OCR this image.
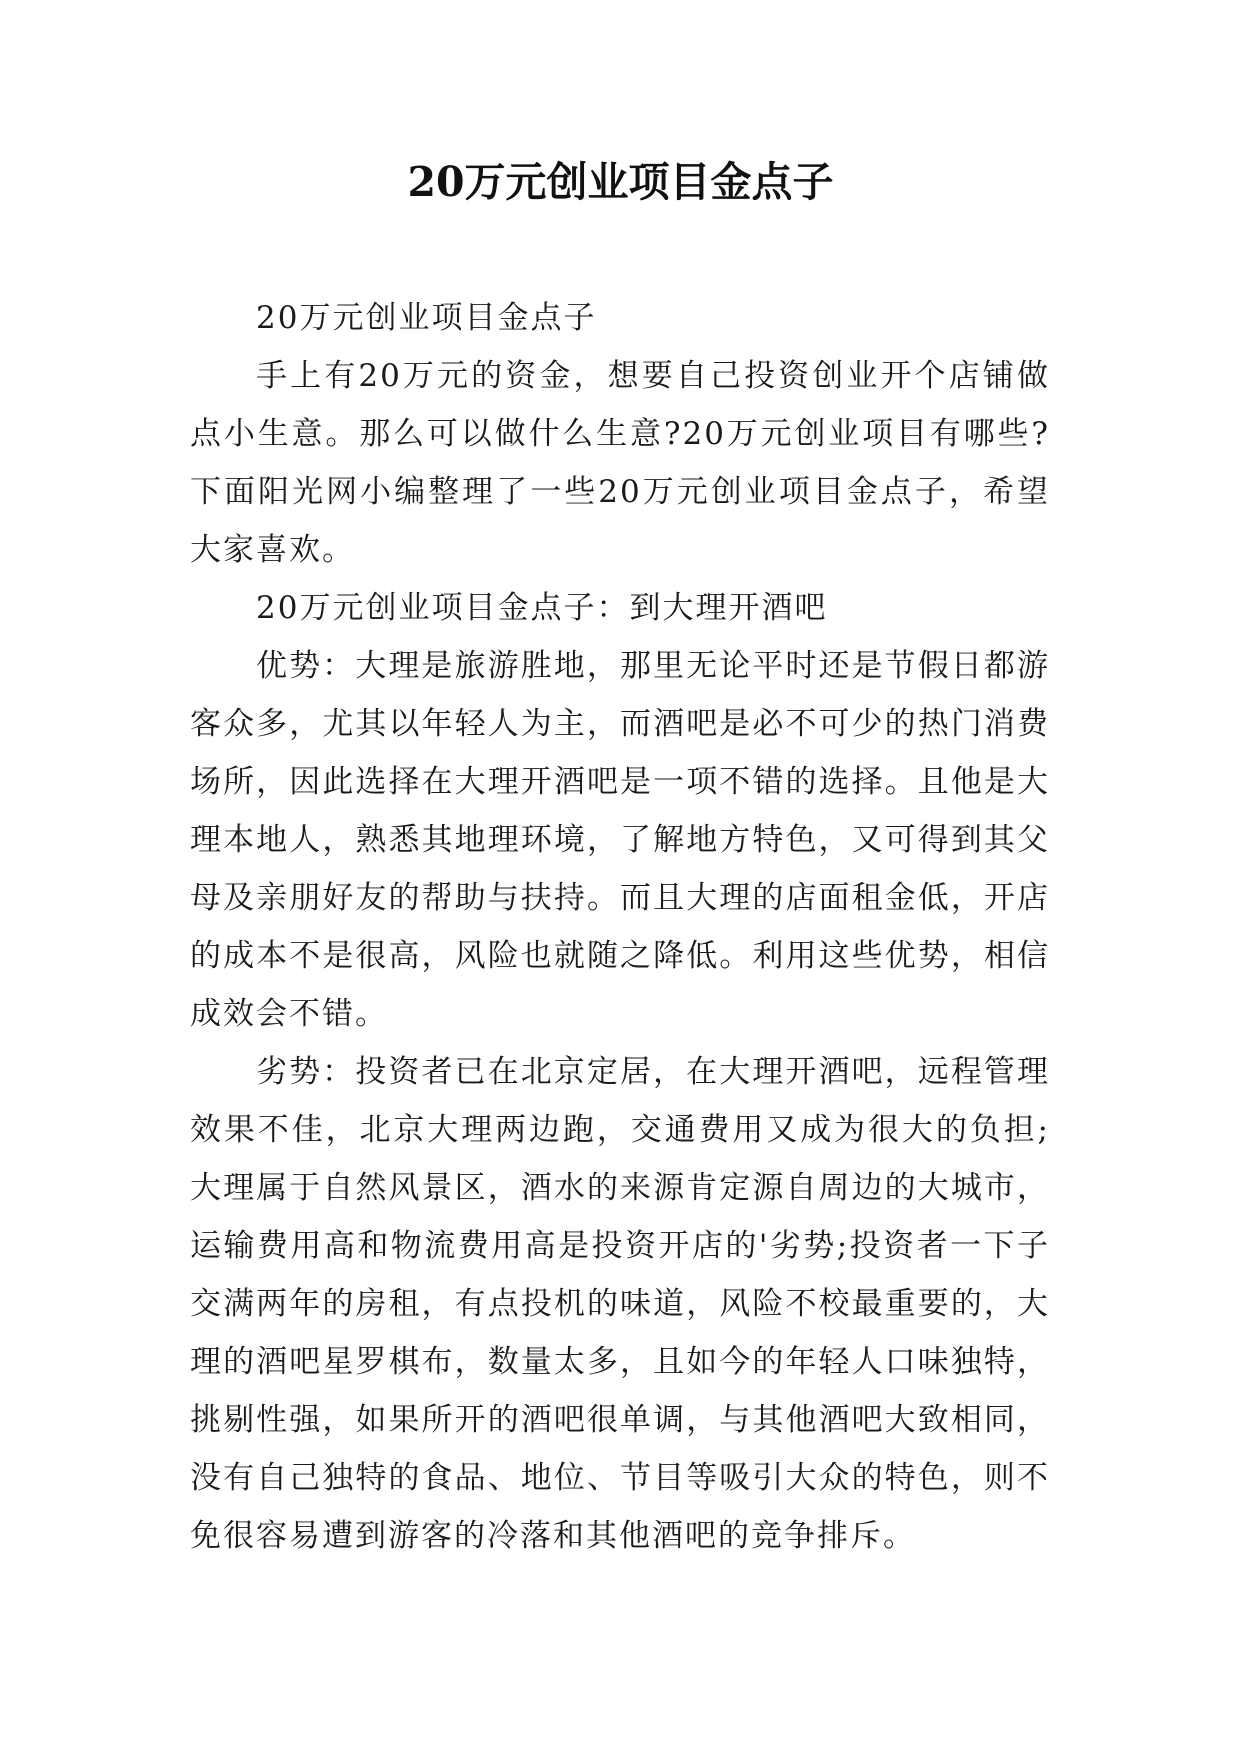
20万元创业项目金点子

20万元创业项目金点子

手上有20万元的资金，想要自己投资创业开个店铺做点小生意。那么可以做什么生意?20万元创业项目有哪些?下面阳光网小编整理了一些20万元创业项目金点子，希望大家喜欢。

20万元创业项目金点子：到大理开酒吧

优势：大理是旅游胜地，那里无论平时还是节假日都游客众多，尤其以年轻人为主，而酒吧是必不可少的热门消费场所，因此选择在大理开酒吧是一项不错的选择。且他是大理本地人，熟悉其地理环境，了解地方特色，又可得到其父母及亲朋好友的帮助与扶持。而且大理的店面租金低，开店的成本不是很高，风险也就随之降低。利用这些优势，相信成效会不错。

劣势：投资者已在北京定居，在大理开酒吧，远程管理效果不佳，北京大理两边跑，交通费用又成为很大的负担;大理属于自然风景区，酒水的来源肯定源自周边的大城市，运输费用高和物流费用高是投资开店的'劣势;投资者一下子交满两年的房租，有点投机的味道，风险不校最重要的，大理的酒吧星罗棋布，数量太多，且如今的年轻人口味独特，挑剔性强，如果所开的酒吧很单调，与其他酒吧大致相同，没有自己独特的食品、地位、节目等吸引大众的特色，则不免很容易遭到游客的冷落和其他酒吧的竞争排斥。
